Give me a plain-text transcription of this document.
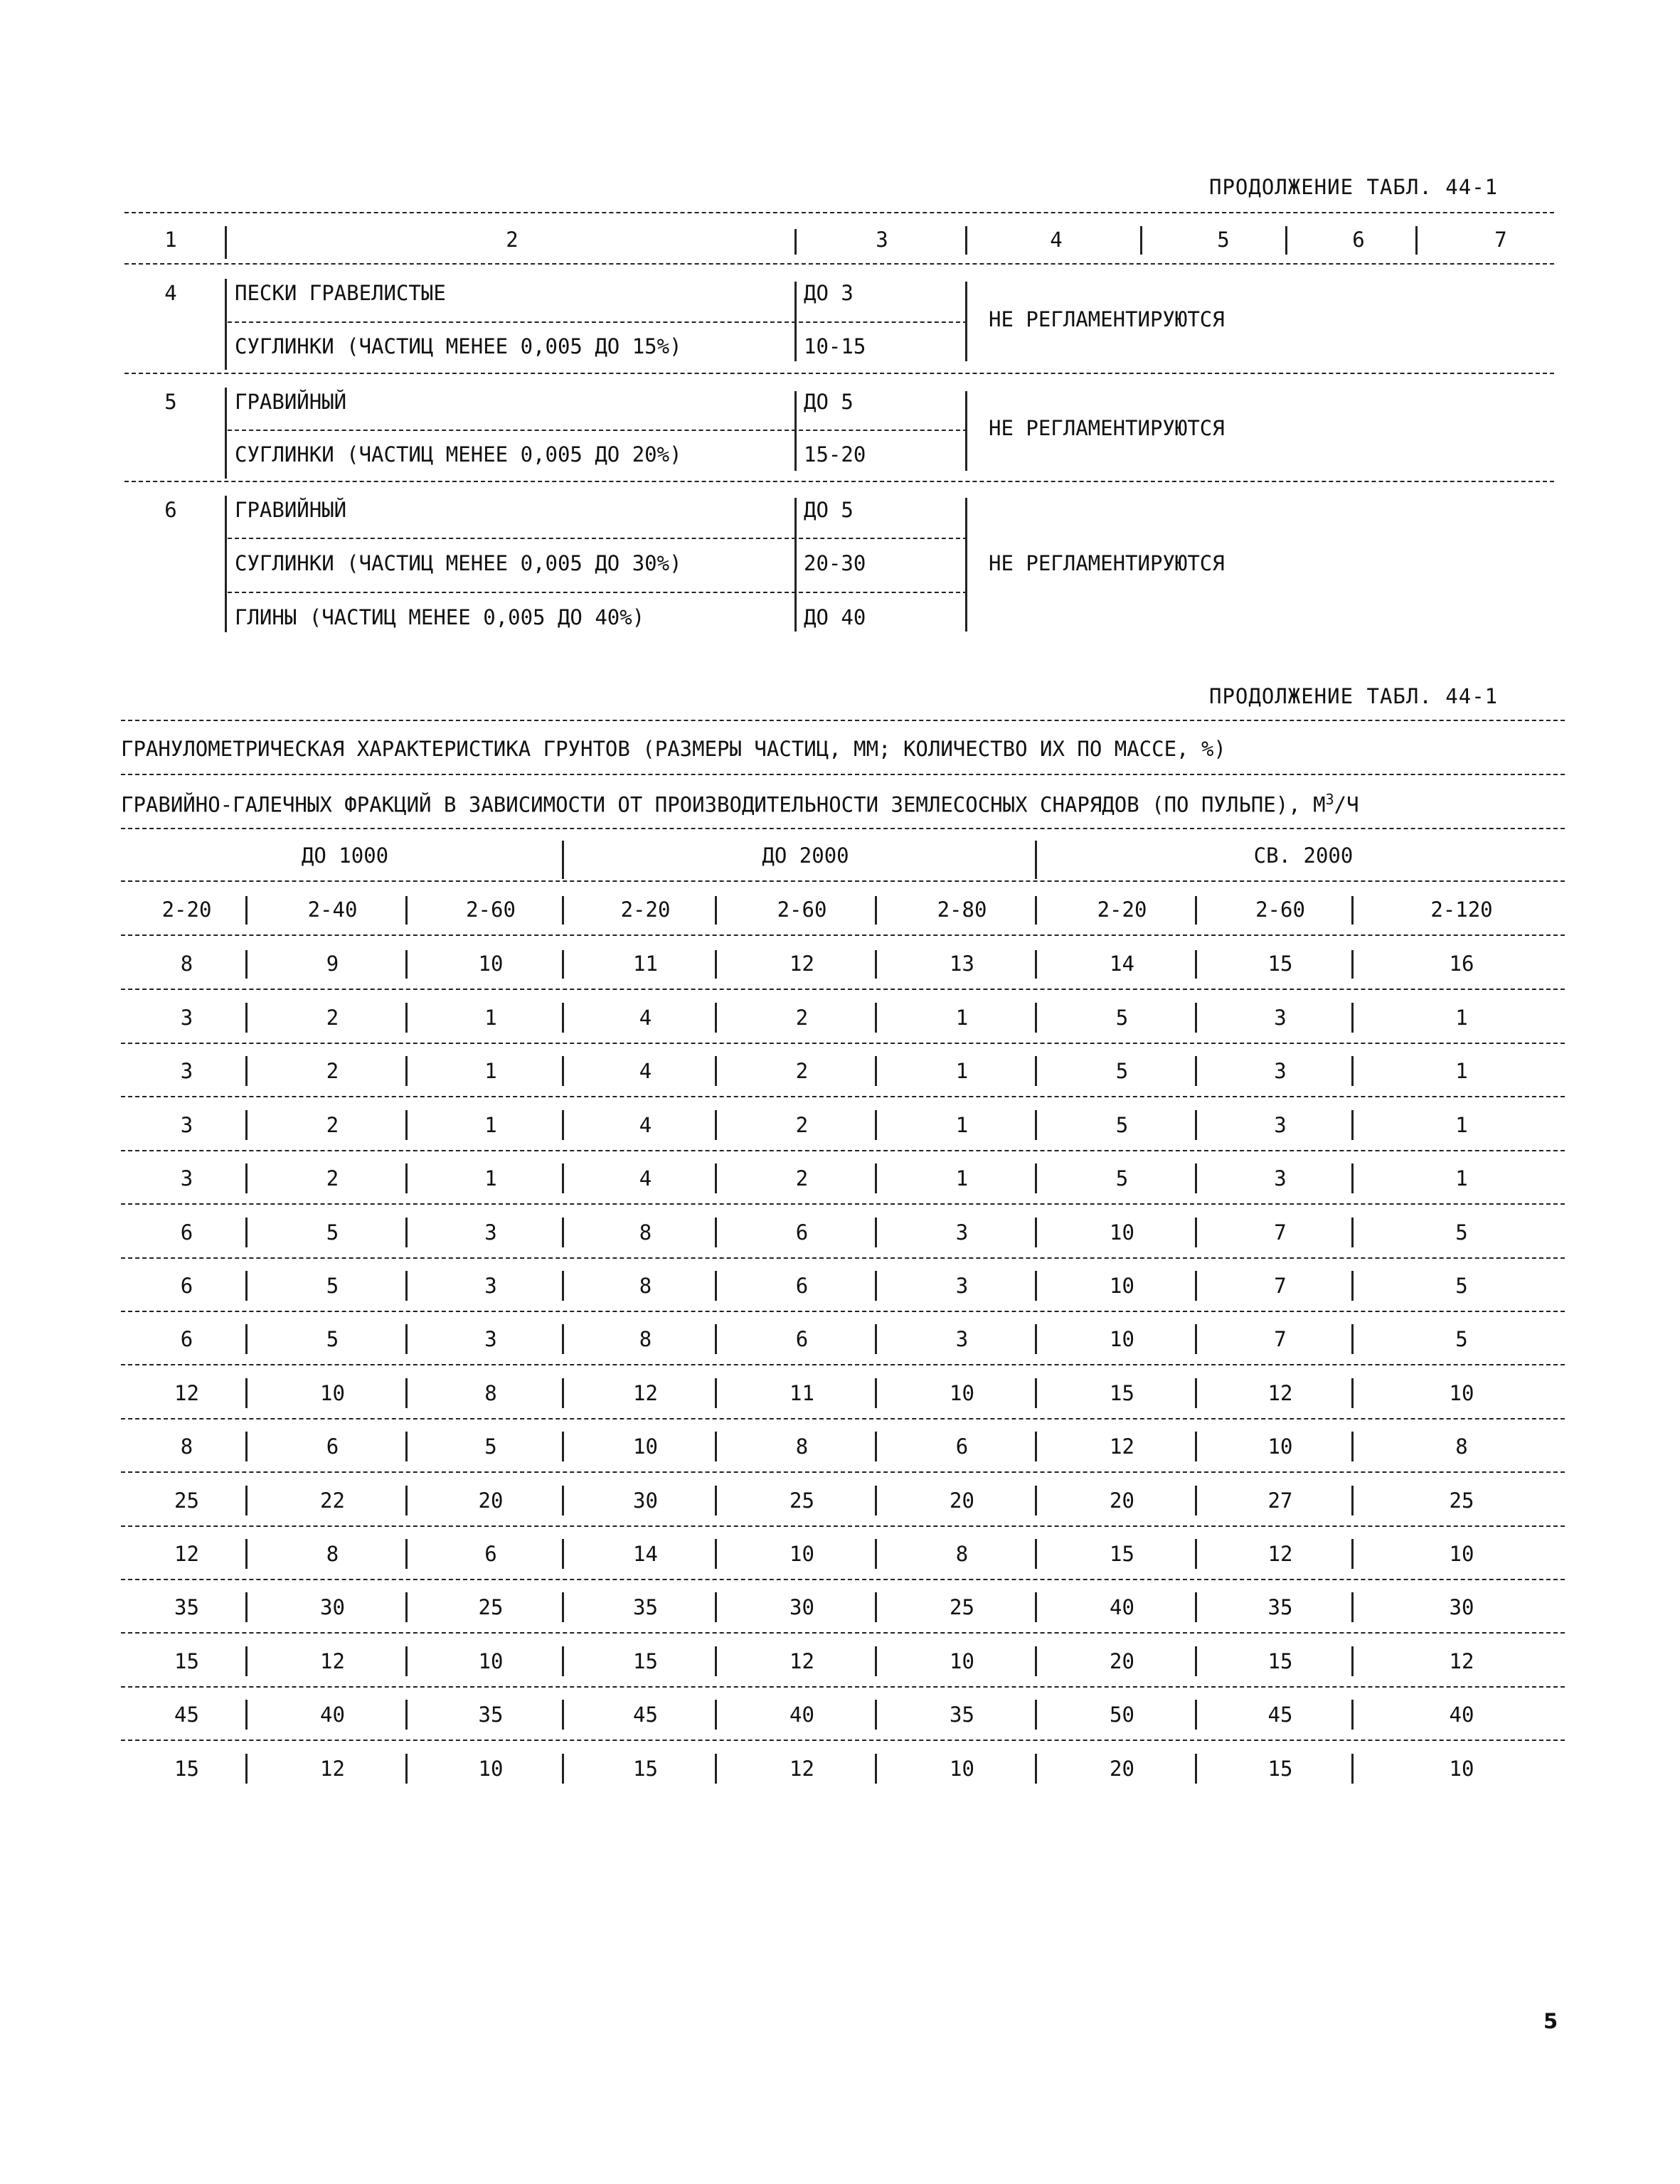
ПРОДОЛЖЕНИЕ ТАБЛ. 44-1
1	2	3	4	5	6	7
4	ПЕСКИ ГРАВЕЛИСТЫЕ	ДО 3
СУГЛИНКИ (ЧАСТИЦ МЕНЕЕ 0,005 ДО 15%)	10-15
НЕ РЕГЛАМЕНТИРУЮТСЯ
5	ГРАВИЙНЫЙ	ДО 5
СУГЛИНКИ (ЧАСТИЦ МЕНЕЕ 0,005 ДО 20%)	15-20
НЕ РЕГЛАМЕНТИРУЮТСЯ
6	ГРАВИЙНЫЙ	ДО 5
СУГЛИНКИ (ЧАСТИЦ МЕНЕЕ 0,005 ДО 30%)	20-30
ГЛИНЫ (ЧАСТИЦ МЕНЕЕ 0,005 ДО 40%)	ДО 40
НЕ РЕГЛАМЕНТИРУЮТСЯ
ПРОДОЛЖЕНИЕ ТАБЛ. 44-1
ГРАНУЛОМЕТРИЧЕСКАЯ ХАРАКТЕРИСТИКА ГРУНТОВ (РАЗМЕРЫ ЧАСТИЦ, ММ; КОЛИЧЕСТВО ИХ ПО МАССЕ, %)
ГРАВИЙНО-ГАЛЕЧНЫХ ФРАКЦИЙ В ЗАВИСИМОСТИ ОТ ПРОИЗВОДИТЕЛЬНОСТИ ЗЕМЛЕСОСНЫХ СНАРЯДОВ (ПО ПУЛЬПЕ), $М^3/Ч$
ДО 1000	ДО 2000	СВ. 2000
2-20	2-40	2-60	2-20	2-60	2-80	2-20	2-60	2-120
8	9	10	11	12	13	14	15	16
3	2	1	4	2	1	5	3	1
3	2	1	4	2	1	5	3	1
3	2	1	4	2	1	5	3	1
3	2	1	4	2	1	5	3	1
6	5	3	8	6	3	10	7	5
6	5	3	8	6	3	10	7	5
6	5	3	8	6	3	10	7	5
12	10	8	12	11	10	15	12	10
8	6	5	10	8	6	12	10	8
25	22	20	30	25	20	20	27	25
12	8	6	14	10	8	15	12	10
35	30	25	35	30	25	40	35	30
15	12	10	15	12	10	20	15	12
45	40	35	45	40	35	50	45	40
15	12	10	15	12	10	20	15	10
5
